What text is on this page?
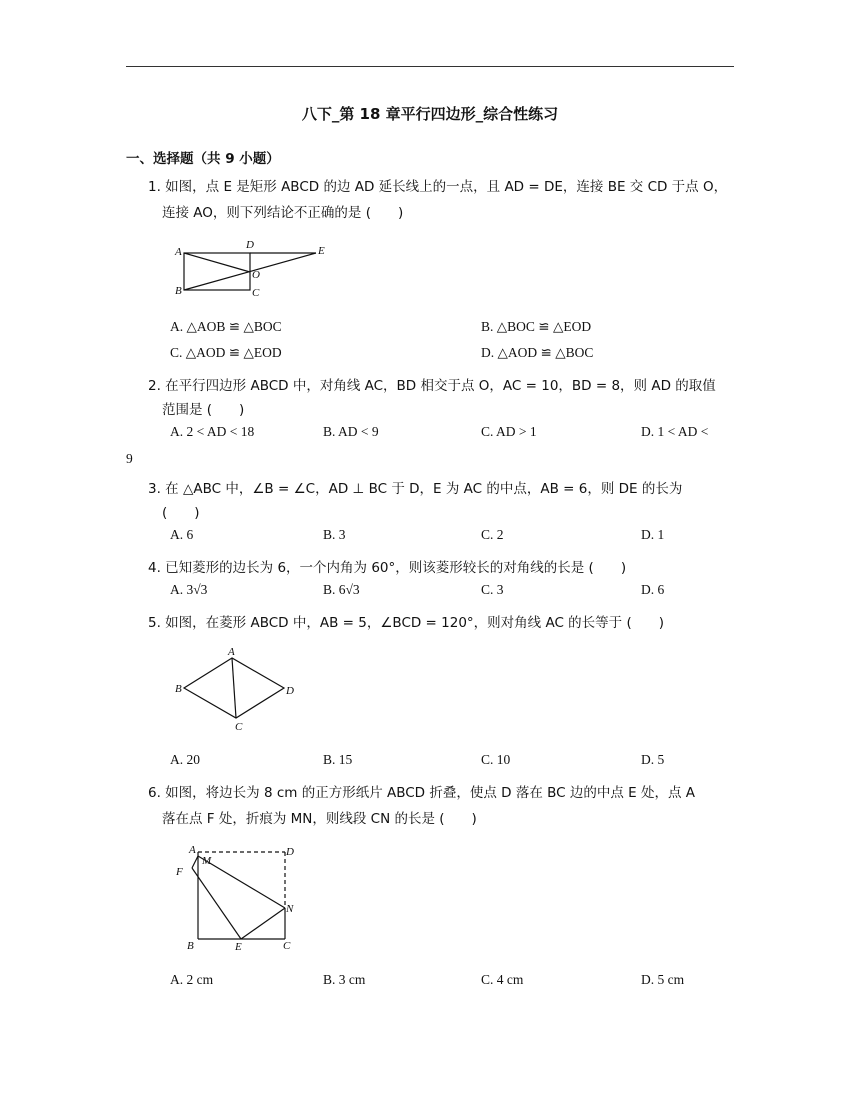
八下_第 18 章平行四边形_综合性练习
一、选择题（共 9 小题）
1. 如图，点 E 是矩形 ABCD 的边 AD 延长线上的一点，且 AD = DE，连接 BE 交 CD 于点 O，
连接 AO，则下列结论不正确的是 (　　)
A
D	E
O
B	C
A. △AOB ≌ △BOC	B. △BOC ≌ △EOD
C. △AOD ≌ △EOD	D. △AOD ≌ △BOC
2. 在平行四边形 ABCD 中，对角线 AC，BD 相交于点 O，AC = 10，BD = 8，则 AD 的取值
范围是 (　　)
A. 2 < AD < 18	B. AD < 9	C. AD > 1	D. 1 < AD <
9
3. 在 △ABC 中，∠B = ∠C，AD ⊥ BC 于 D，E 为 AC 的中点，AB = 6，则 DE 的长为
(　　)
A. 6	B. 3	C. 2	D. 1
4. 已知菱形的边长为 6，一个内角为 60°，则该菱形较长的对角线的长是 (　　)
A. 3√3	B. 6√3	C. 3	D. 6
5. 如图，在菱形 ABCD 中，AB = 5，∠BCD = 120°，则对角线 AC 的长等于 (　　)
A
B	D
C
A. 20	B. 15	C. 10	D. 5
6. 如图，将边长为 8 cm 的正方形纸片 ABCD 折叠，使点 D 落在 BC 边的中点 E 处，点 A
落在点 F 处，折痕为 MN，则线段 CN 的长是 (　　)
A
M
D
F
N
B	E	C
A. 2 cm	B. 3 cm	C. 4 cm	D. 5 cm
